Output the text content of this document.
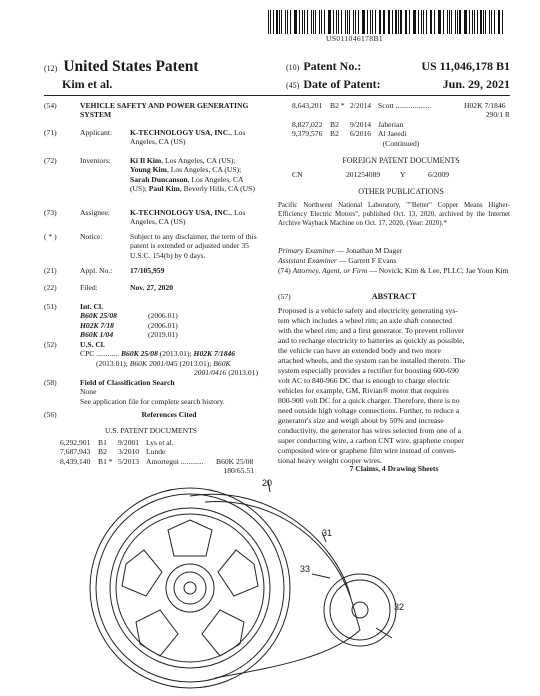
US011046178B1
(12) United States Patent
Kim et al.
(10) Patent No.:	US 11,046,178 B1
(45) Date of Patent:	Jun. 29, 2021
(54)	VEHICLE SAFETY AND POWER GENERATING SYSTEM
(71)	Applicant:	K-TECHNOLOGY USA, INC., Los Angeles, CA (US)
(72)	Inventors:	Ki Il Kim, Los Angeles, CA (US); Young Kim, Los Angeles, CA (US); Sarah Duncanson, Los Angeles, CA (US); Paul Kim, Beverly Hills, CA (US)
(73)	Assignee:	K-TECHNOLOGY USA, INC., Los Angeles, CA (US)
( * )	Notice:	Subject to any disclaimer, the term of this patent is extended or adjusted under 35 U.S.C. 154(b) by 0 days.
(21)	Appl. No.:	17/105,959
(22)	Filed:	Nov. 27, 2020
(51)	Int. Cl.
B60K 25/08	(2006.01)
H02K 7/18	(2006.01)
B60K 1/04	(2019.01)
(52)	U.S. Cl.
CPC ............ B60K 25/08 (2013.01); H02K 7/1846
(2013.01); B60K 2001/045 (2013.01); B60K
2001/0416 (2013.01)
(58)	Field of Classification Search
None
See application file for complete search history.
(56)	References Cited
U.S. PATENT DOCUMENTS
6,292,901	B1	9/2001 Lys et al.
7,687,943	B2	3/2010 Lunde
8,439,140	B1 * 5/2013 Amortegui ............	B60K 25/08
180/65.51
8,643,201	B2 * 2/2014 Scott ...................	H02K 7/1846
290/1 R
8,827,022	B2	9/2014 Jaberian
9,379,576	B2	6/2016 Al Jaeedi
(Continued)
FOREIGN PATENT DOCUMENTS
CN	201254089	Y	6/2009
OTHER PUBLICATIONS
Pacific Northwest National Laboratory, ""Better" Copper Means Higher-Efficiency Electric Motors", published Oct. 13, 2020, archived by the Internet Archive Wayback Machine on Oct. 17, 2020, (Year: 2020).*
Primary Examiner — Jonathan M Dager
Assistant Examiner — Garrett F Evans
(74) Attorney, Agent, or Firm — Novick, Kim & Lee, PLLC; Jae Youn Kim
(57)	ABSTRACT
Proposed is a vehicle safety and electricity generating sys-
tem which includes a wheel rim; an axle shaft connected
with the wheel rim; and a first generator. To prevent rollover
and to recharge electricity to batteries as quickly as possible,
the vehicle can have an extended body and two more
attached wheels, and the system can be installed thereto. The
system especially provides a rectifier for boosting 600-690
volt AC to 840-966 DC that is enough to charge electric
vehicles for example, GM, Rivian® motor that requires
800-900 volt DC for a quick charger. Therefore, there is no
need outside high voltage connections. Further, to reduce a
generator's size and weigh about by 50% and increase
conductivity, the generator has wires selected from one of a
super conducting wire, a carbon CNT wire, graphene cooper
composited wire or graphene film wire instead of conven-
tional heavy weight cooper wires.
7 Claims, 4 Drawing Sheets
20
31
33
32
